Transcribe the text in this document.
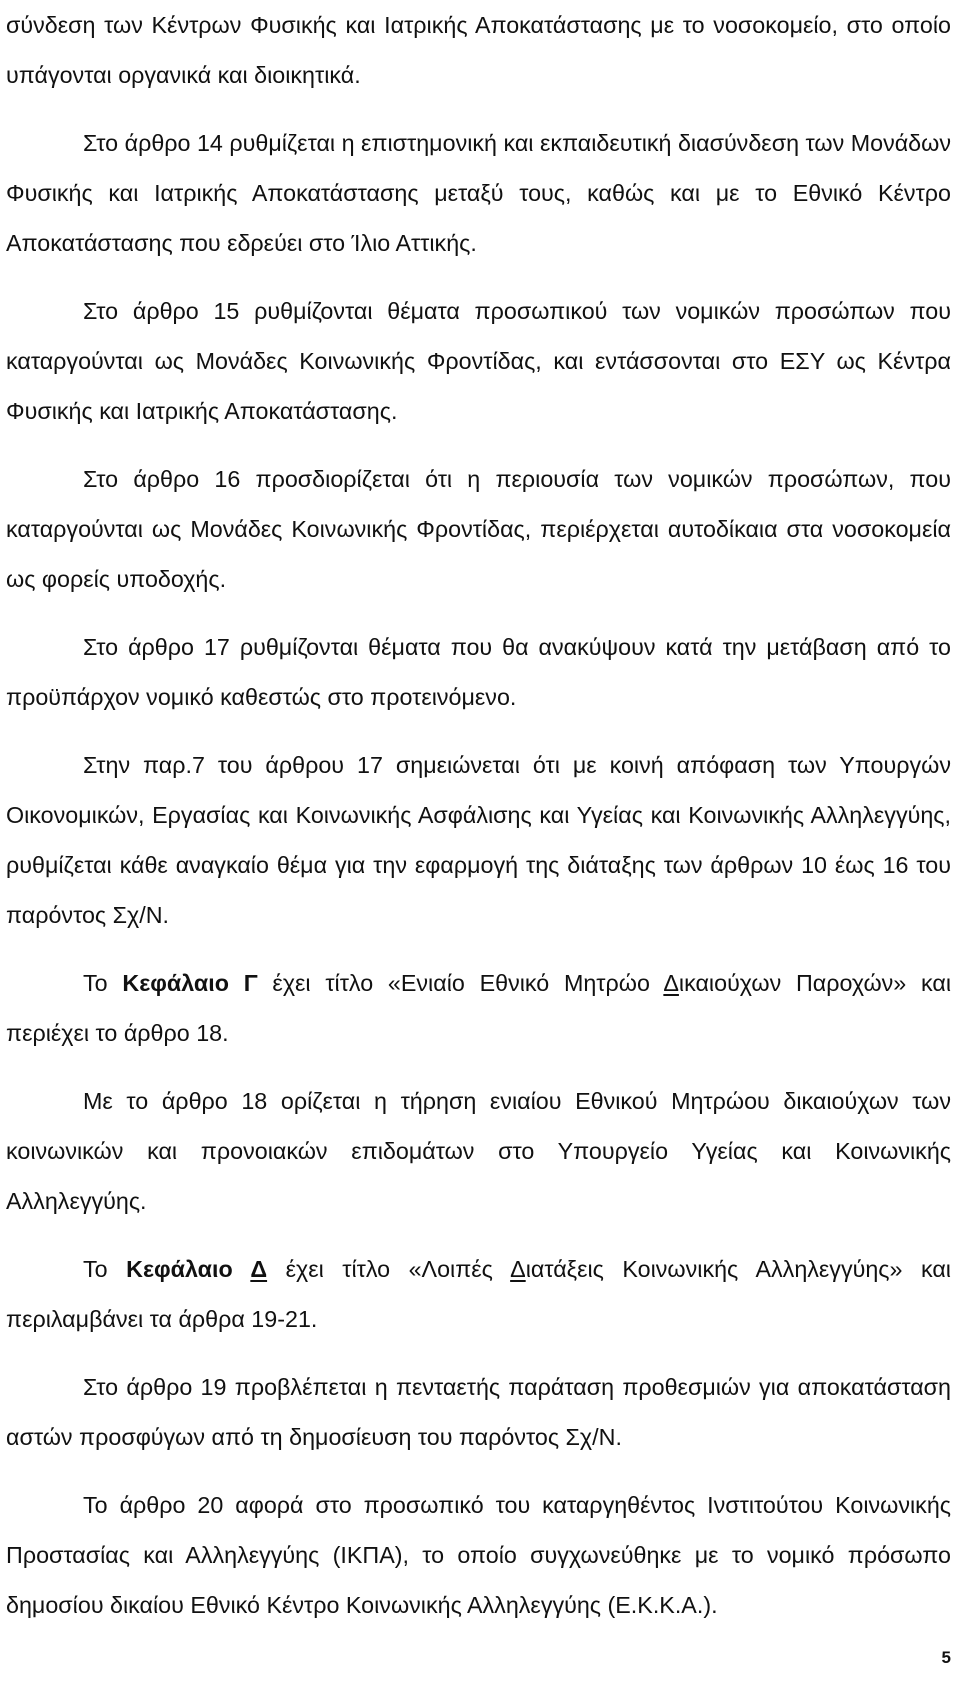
σύνδεση των Κέντρων Φυσικής και Ιατρικής Αποκατάστασης με το νοσοκομείο, στο οποίο υπάγονται οργανικά και διοικητικά.

Στο άρθρο 14 ρυθμίζεται η επιστημονική και εκπαιδευτική διασύνδεση των Μονάδων Φυσικής και Ιατρικής Αποκατάστασης μεταξύ τους, καθώς και με το Εθνικό Κέντρο Αποκατάστασης που εδρεύει στο Ίλιο Αττικής.

Στο άρθρο 15 ρυθμίζονται θέματα προσωπικού των νομικών προσώπων που καταργούνται ως Μονάδες Κοινωνικής Φροντίδας, και εντάσσονται στο ΕΣΥ ως Κέντρα Φυσικής και Ιατρικής Αποκατάστασης.

Στο άρθρο 16 προσδιορίζεται ότι η περιουσία των νομικών προσώπων, που καταργούνται ως Μονάδες Κοινωνικής Φροντίδας, περιέρχεται αυτοδίκαια στα νοσοκομεία ως φορείς υποδοχής.

Στο άρθρο 17 ρυθμίζονται θέματα που θα ανακύψουν κατά την μετάβαση από το προϋπάρχον νομικό καθεστώς στο προτεινόμενο.

Στην παρ.7 του άρθρου 17 σημειώνεται ότι με κοινή απόφαση των Υπουργών Οικονομικών, Εργασίας και Κοινωνικής Ασφάλισης και Υγείας και Κοινωνικής Αλληλεγγύης, ρυθμίζεται κάθε αναγκαίο θέμα για την εφαρμογή της διάταξης των άρθρων 10 έως 16 του παρόντος Σχ/Ν.

Το Κεφάλαιο Γ έχει τίτλο «Ενιαίο Εθνικό Μητρώο Δικαιούχων Παροχών» και περιέχει το άρθρο 18.

Με το άρθρο 18 ορίζεται η τήρηση ενιαίου Εθνικού Μητρώου δικαιούχων των κοινωνικών και προνοιακών επιδομάτων στο Υπουργείο Υγείας και Κοινωνικής Αλληλεγγύης.

Το Κεφάλαιο Δ έχει τίτλο «Λοιπές Διατάξεις Κοινωνικής Αλληλεγγύης» και περιλαμβάνει τα άρθρα 19-21.

Στο άρθρο 19 προβλέπεται η πενταετής παράταση προθεσμιών για αποκατάσταση αστών προσφύγων από τη δημοσίευση του παρόντος Σχ/Ν.

Το άρθρο 20 αφορά στο προσωπικό του καταργηθέντος Ινστιτούτου Κοινωνικής Προστασίας και Αλληλεγγύης (ΙΚΠΑ), το οποίο συγχωνεύθηκε με το νομικό πρόσωπο δημοσίου δικαίου Εθνικό Κέντρο Κοινωνικής Αλληλεγγύης (Ε.Κ.Κ.Α.).

5
